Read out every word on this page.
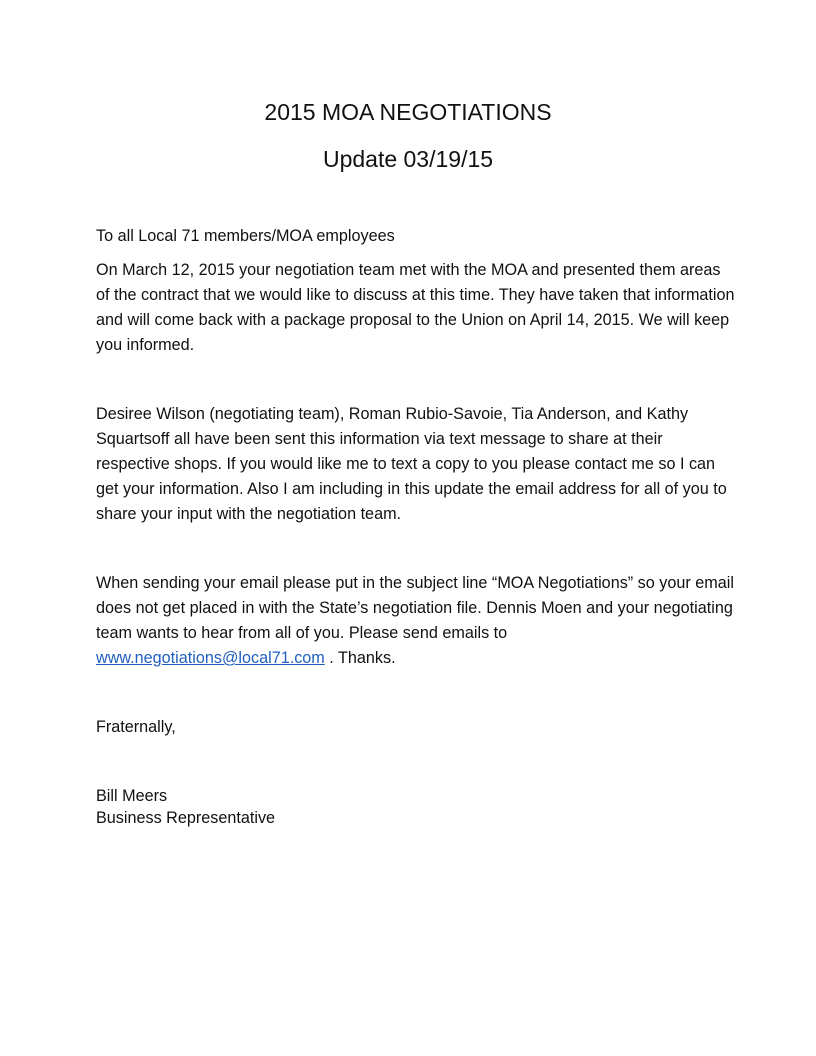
2015 MOA NEGOTIATIONS
Update 03/19/15

To all Local 71 members/MOA employees

On March 12, 2015 your negotiation team met with the MOA and presented them areas of the contract that we would like to discuss at this time. They have taken that information and will come back with a package proposal to the Union on April 14, 2015. We will keep you informed.

Desiree Wilson (negotiating team), Roman Rubio-Savoie, Tia Anderson, and Kathy Squartsoff all have been sent this information via text message to share at their respective shops. If you would like me to text a copy to you please contact me so I can get your information. Also I am including in this update the email address for all of you to share your input with the negotiation team.

When sending your email please put in the subject line “MOA Negotiations” so your email does not get placed in with the State’s negotiation file. Dennis Moen and your negotiating team wants to hear from all of you. Please send emails to www.negotiations@local71.com . Thanks.

Fraternally,

Bill Meers
Business Representative
